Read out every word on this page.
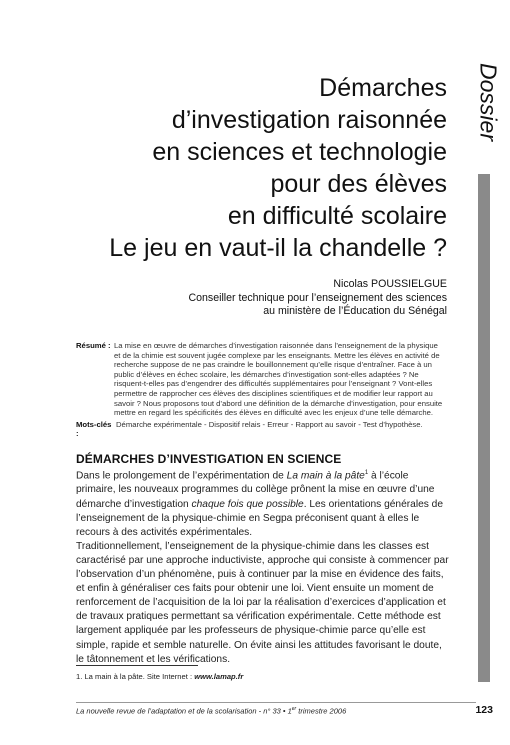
Dossier
Démarches
d’investigation raisonnée
en sciences et technologie
pour des élèves
en difficulté scolaire
Le jeu en vaut-il la chandelle ?
Nicolas POUSSIELGUE
Conseiller technique pour l’enseignement des sciences
au ministère de l’Éducation du Sénégal
Résumé : La mise en œuvre de démarches d’investigation raisonnée dans l’enseignement de la physique et de la chimie est souvent jugée complexe par les enseignants. Mettre les élèves en activité de recherche suppose de ne pas craindre le bouillonnement qu’elle risque d’entraîner. Face à un public d’élèves en échec scolaire, les démarches d’investigation sont-elles adaptées ? Ne risquent-t-elles pas d’engendrer des difficultés supplémentaires pour l’enseignant ? Vont-elles permettre de rapprocher ces élèves des disciplines scientifiques et de modifier leur rapport au savoir ? Nous proposons tout d’abord une définition de la démarche d’investigation, pour ensuite mettre en regard les spécificités des élèves en difficulté avec les enjeux d’une telle démarche.
Mots-clés :
Démarche expérimentale - Dispositif relais - Erreur - Rapport au savoir - Test d’hypothèse.
DÉMARCHES D’INVESTIGATION EN SCIENCE

Dans le prolongement de l’expérimentation de La main à la pâte$^1$ à l’école primaire, les nouveaux programmes du collège prônent la mise en œuvre d’une démarche d’investigation chaque fois que possible. Les orientations générales de l’enseignement de la physique-chimie en Segpa préconisent quant à elles le recours à des activités expérimentales.

Traditionnellement, l’enseignement de la physique-chimie dans les classes est caractérisé par une approche inductiviste, approche qui consiste à commencer par l’observation d’un phénomène, puis à continuer par la mise en évidence des faits, et enfin à généraliser ces faits pour obtenir une loi. Vient ensuite un moment de renforcement de l’acquisition de la loi par la réalisation d’exercices d’application et de travaux pratiques permettant sa vérification expérimentale. Cette méthode est largement appliquée par les professeurs de physique-chimie parce qu’elle est simple, rapide et semble naturelle. On évite ainsi les attitudes favorisant le doute, le tâtonnement et les vérifications.

1. La main à la pâte. Site Internet : www.lamap.fr
La nouvelle revue de l’adaptation et de la scolarisation - n° 33 • 1er trimestre 2006	123
